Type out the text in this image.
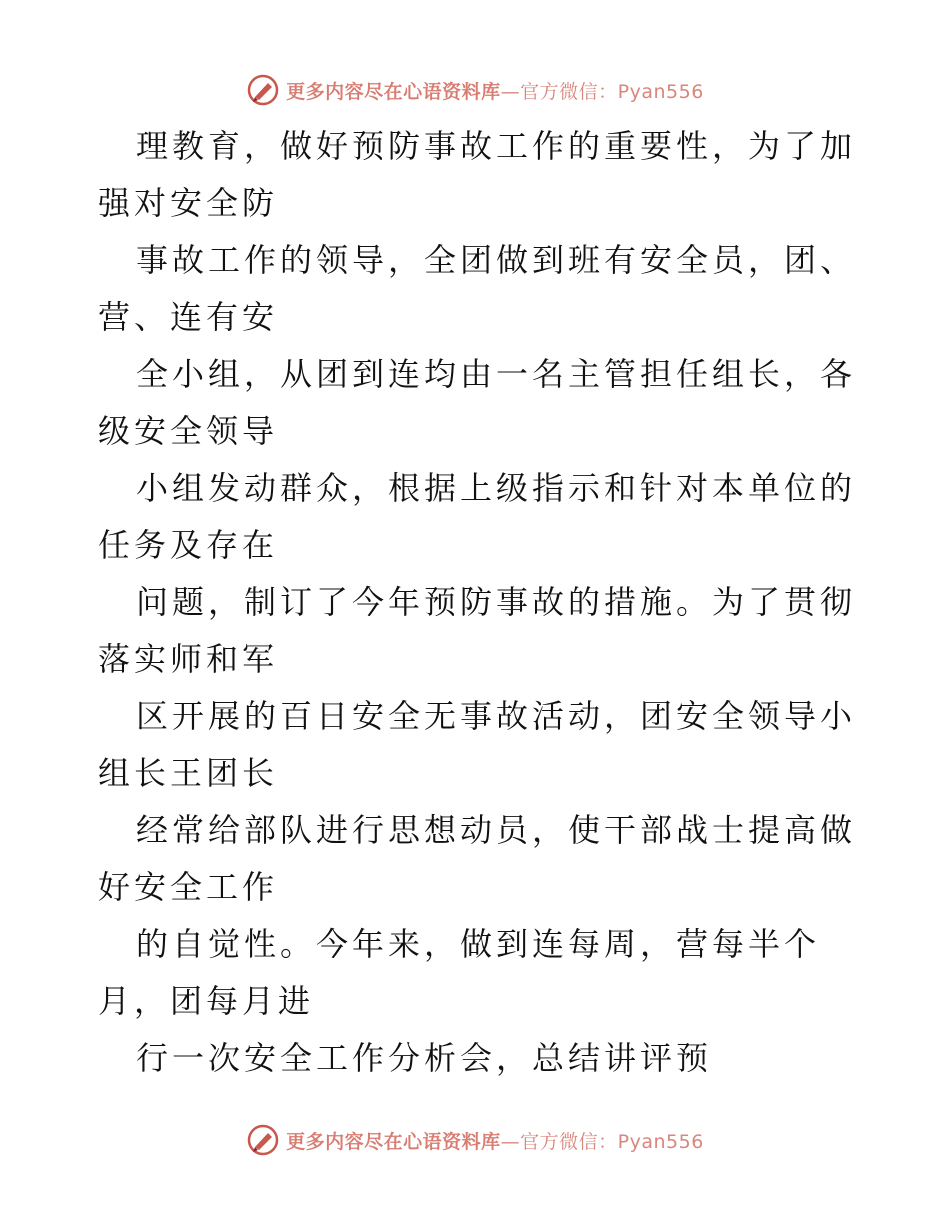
更多内容尽在心语资料库—官方微信：Pyan556

理教育，做好预防事故工作的重要性，为了加强对安全防

事故工作的领导，全团做到班有安全员，团、营、连有安

全小组，从团到连均由一名主管担任组长，各级安全领导

小组发动群众，根据上级指示和针对本单位的任务及存在

问题，制订了今年预防事故的措施。为了贯彻落实师和军

区开展的百日安全无事故活动，团安全领导小组长王团长

经常给部队进行思想动员，使干部战士提高做好安全工作

的自觉性。今年来，做到连每周，营每半个月，团每月进

行一次安全工作分析会，总结讲评预

更多内容尽在心语资料库—官方微信：Pyan556
